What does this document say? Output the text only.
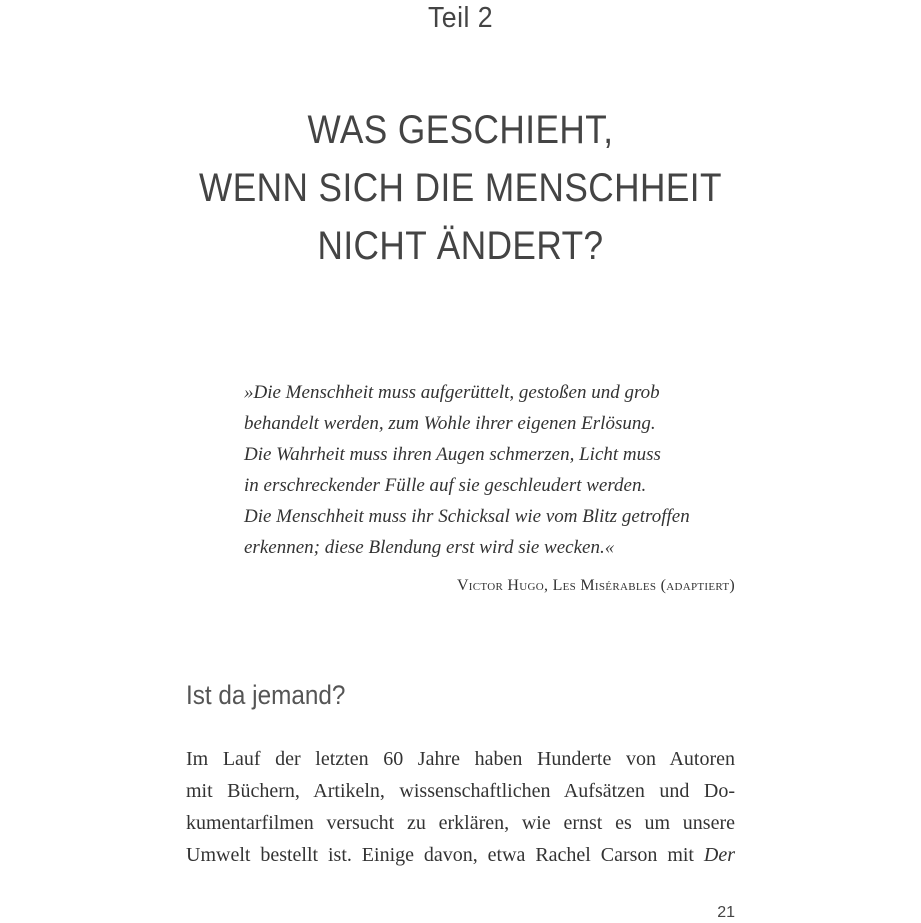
Teil 2
WAS GESCHIEHT,
WENN SICH DIE MENSCHHEIT
NICHT ÄNDERT?
»Die Menschheit muss aufgerüttelt, gestoßen und grob
behandelt werden, zum Wohle ihrer eigenen Erlösung.
Die Wahrheit muss ihren Augen schmerzen, Licht muss
in erschreckender Fülle auf sie geschleudert werden.
Die Menschheit muss ihr Schicksal wie vom Blitz getroffen
erkennen; diese Blendung erst wird sie wecken.«
Victor Hugo, Les Misérables (adaptiert)
Ist da jemand?
Im Lauf der letzten 60 Jahre haben Hunderte von Autoren
mit Büchern, Artikeln, wissenschaftlichen Aufsätzen und Do-
kumentarfilmen versucht zu erklären, wie ernst es um unsere
Umwelt bestellt ist. Einige davon, etwa Rachel Carson mit Der
21
